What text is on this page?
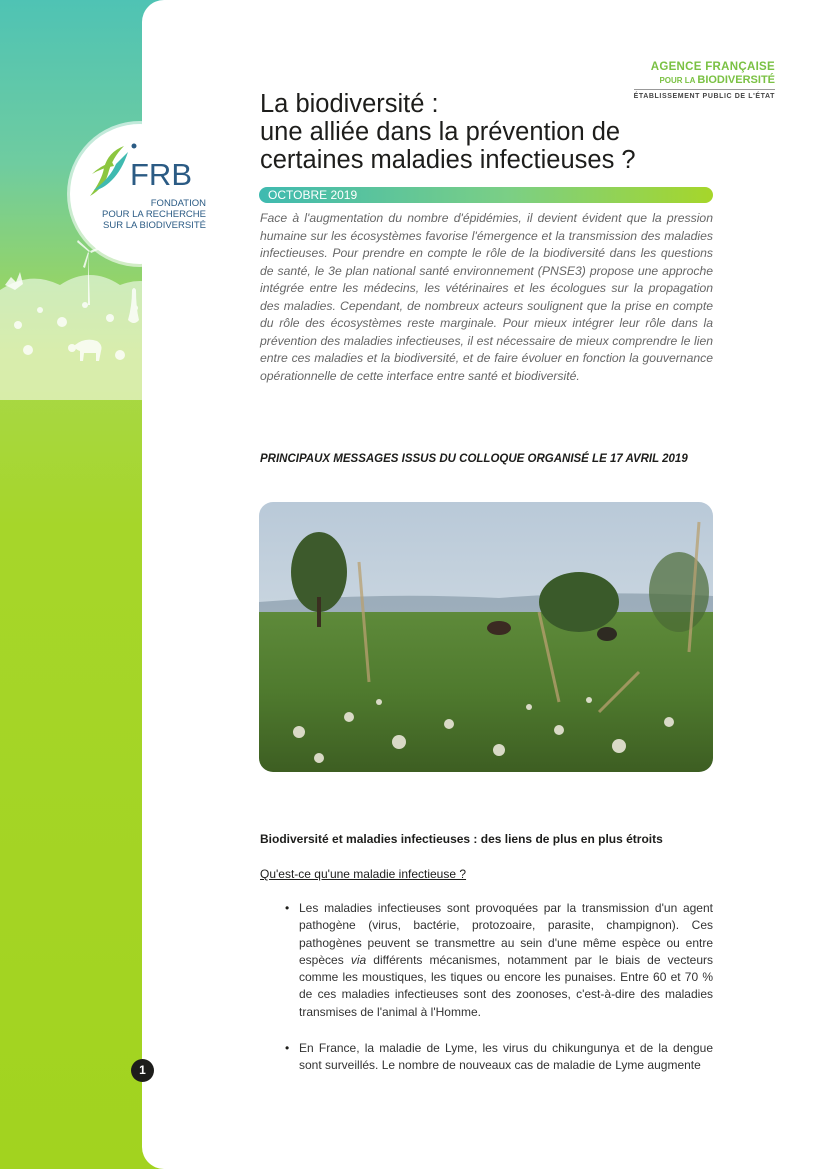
FRB
FONDATION
POUR LA RECHERCHE
SUR LA BIODIVERSITÉ
AGENCE FRANÇAISE
POUR LA BIODIVERSITÉ
ÉTABLISSEMENT PUBLIC DE L'ÉTAT
La biodiversité :
une alliée dans la prévention de
certaines maladies infectieuses ?
OCTOBRE 2019

Face à l'augmentation du nombre d'épidémies, il devient évident que la pression humaine sur les écosystèmes favorise l'émergence et la transmission des maladies infectieuses. Pour prendre en compte le rôle de la biodiversité dans les questions de santé, le 3e plan national santé environnement (PNSE3) propose une approche intégrée entre les médecins, les vétérinaires et les écologues sur la propagation des maladies. Cependant, de nombreux acteurs soulignent que la prise en compte du rôle des écosystèmes reste marginale. Pour mieux intégrer leur rôle dans la prévention des maladies infectieuses, il est nécessaire de mieux comprendre le lien entre ces maladies et la biodiversité, et de faire évoluer en fonction la gouvernance opérationnelle de cette interface entre santé et biodiversité.

PRINCIPAUX MESSAGES ISSUS DU COLLOQUE ORGANISÉ LE 17 AVRIL 2019
Biodiversité et maladies infectieuses : des liens de plus en plus étroits
Qu'est-ce qu'une maladie infectieuse ?
• Les maladies infectieuses sont provoquées par la transmission d'un agent pathogène (virus, bactérie, protozoaire, parasite, champignon). Ces pathogènes peuvent se transmettre au sein d'une même espèce ou entre espèces via différents mécanismes, notamment par le biais de vecteurs comme les moustiques, les tiques ou encore les punaises. Entre 60 et 70 % de ces maladies infectieuses sont des zoonoses, c'est-à-dire des maladies transmises de l'animal à l'Homme.
• En France, la maladie de Lyme, les virus du chikungunya et de la dengue sont surveillés. Le nombre de nouveaux cas de maladie de Lyme augmente
1
